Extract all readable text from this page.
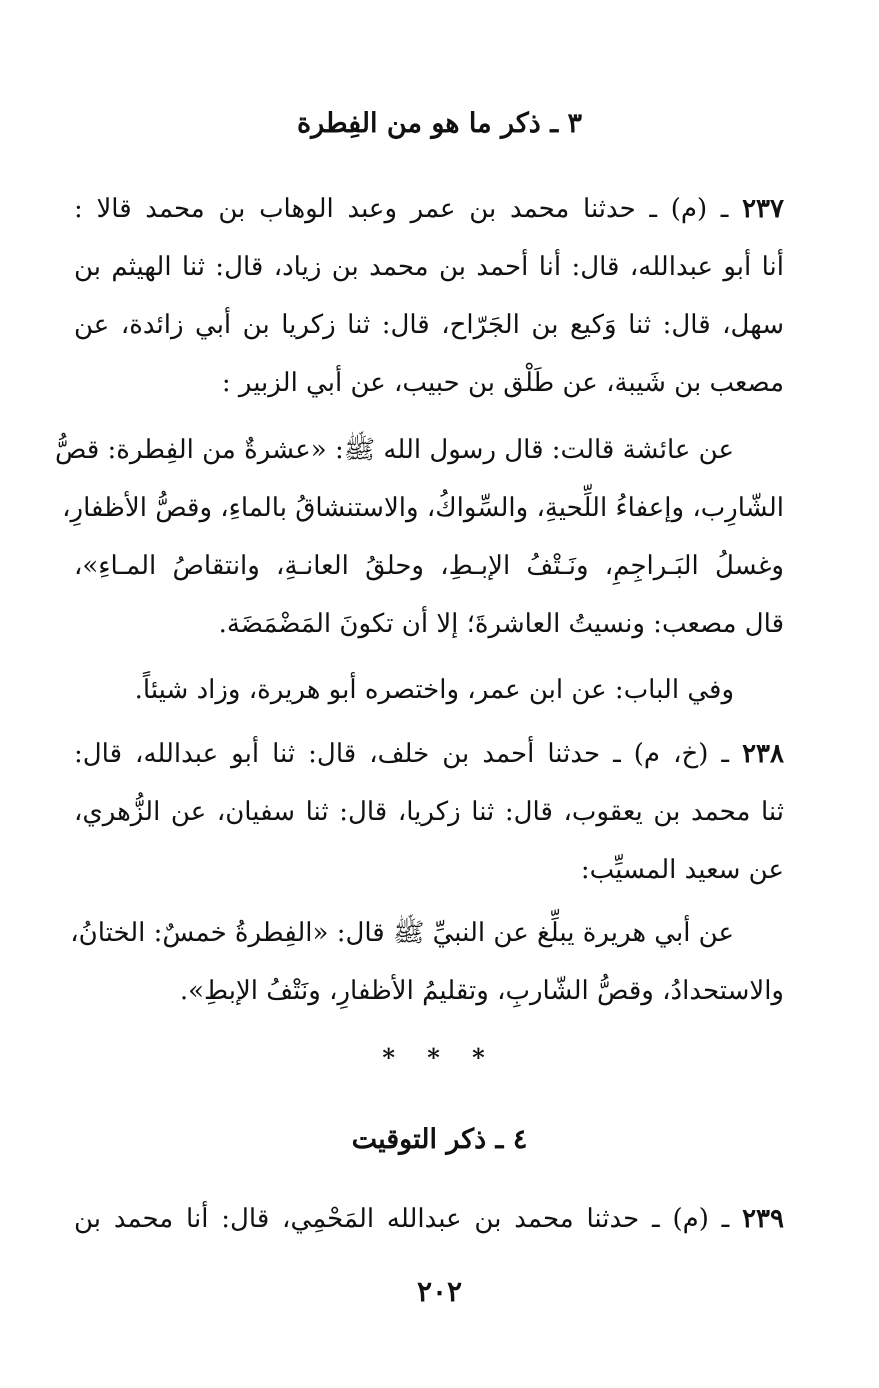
٣ ـ ذكر ما هو من الفِطرة
٢٣٧ ـ (م) ـ حدثنا محمد بن عمر وعبد الوهاب بن محمد قالا :
أنا أبو عبدالله، قال: أنا أحمد بن محمد بن زياد، قال: ثنا الهيثم بن
سهل، قال: ثنا وَكيع بن الجَرّاح، قال: ثنا زكريا بن أبي زائدة، عن
مصعب بن شَيبة، عن طَلْق بن حبيب، عن أبي الزبير :
عن عائشة قالت: قال رسول الله ﷺ: «عشرةٌ من الفِطرة: قصُّ
الشّارِب، وإعفاءُ اللِّحيةِ، والسِّواكُ، والاستنشاقُ بالماءِ، وقصُّ الأظفارِ،
وغسلُ البَـراجِمِ، ونَـتْفُ الإبـطِ، وحلقُ العانـةِ، وانتقاصُ المـاءِ»،
قال مصعب: ونسيتُ العاشرةَ؛ إلا أن تكونَ المَضْمَضَة.
وفي الباب: عن ابن عمر، واختصره أبو هريرة، وزاد شيئاً.
٢٣٨ ـ (خ، م) ـ حدثنا أحمد بن خلف، قال: ثنا أبو عبدالله، قال:
ثنا محمد بن يعقوب، قال: ثنا زكريا، قال: ثنا سفيان، عن الزُّهري،
عن سعيد المسيِّب:
عن أبي هريرة يبلِّغ عن النبيِّ ﷺ قال: «الفِطرةُ خمسٌ: الختانُ،
والاستحدادُ، وقصُّ الشّاربِ، وتقليمُ الأظفارِ، ونَتْفُ الإبطِ».
* * *
٤ ـ ذكر التوقيت
٢٣٩ ـ (م) ـ حدثنا محمد بن عبدالله المَحْمِي، قال: أنا محمد بن
٢٠٢
